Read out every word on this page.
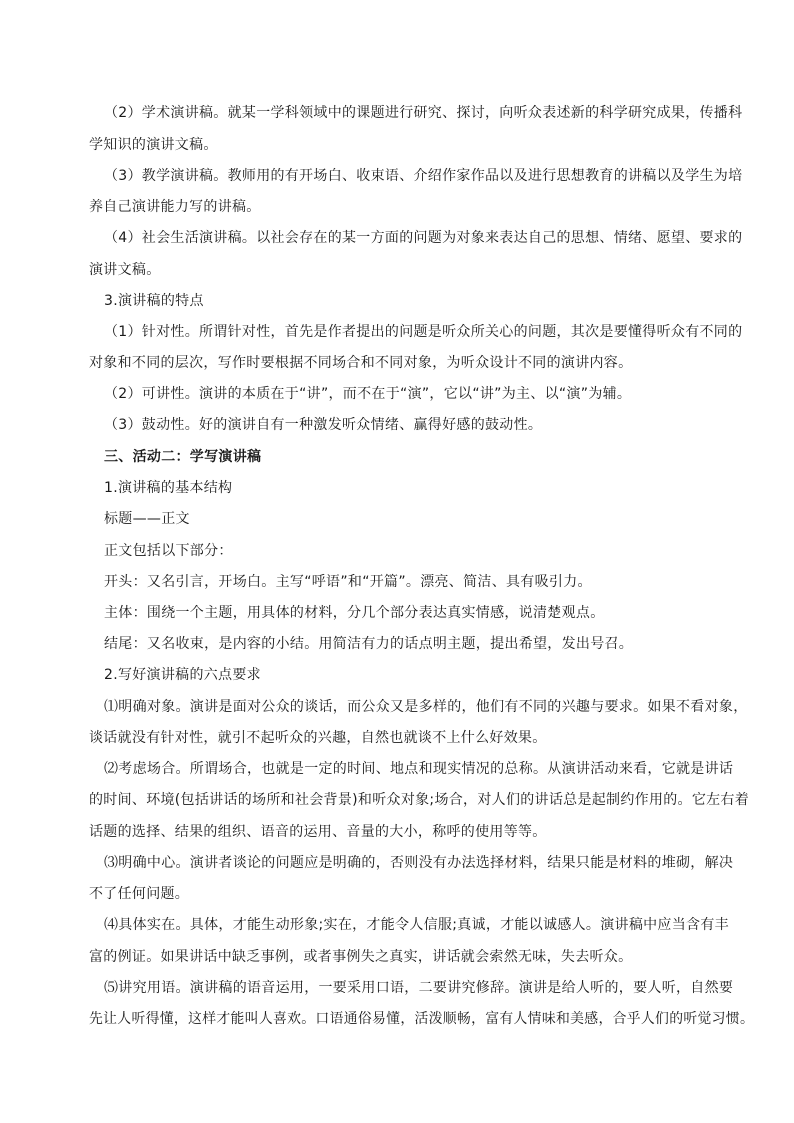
（2）学术演讲稿。就某一学科领域中的课题进行研究、探讨，向听众表述新的科学研究成果，传播科
学知识的演讲文稿。
（3）教学演讲稿。教师用的有开场白、收束语、介绍作家作品以及进行思想教育的讲稿以及学生为培
养自己演讲能力写的讲稿。
（4）社会生活演讲稿。以社会存在的某一方面的问题为对象来表达自己的思想、情绪、愿望、要求的
演讲文稿。
3.演讲稿的特点
（1）针对性。所谓针对性，首先是作者提出的问题是听众所关心的问题，其次是要懂得听众有不同的
对象和不同的层次，写作时要根据不同场合和不同对象，为听众设计不同的演讲内容。
（2）可讲性。演讲的本质在于“讲”，而不在于“演”，它以“讲”为主、以“演”为辅。
（3）鼓动性。好的演讲自有一种激发听众情绪、赢得好感的鼓动性。
三、活动二：学写演讲稿
1.演讲稿的基本结构
标题——正文
正文包括以下部分：
开头：又名引言，开场白。主写“呼语”和“开篇”。漂亮、简洁、具有吸引力。
主体：围绕一个主题，用具体的材料，分几个部分表达真实情感，说清楚观点。
结尾：又名收束，是内容的小结。用简洁有力的话点明主题，提出希望，发出号召。
2.写好演讲稿的六点要求
⑴明确对象。演讲是面对公众的谈话，而公众又是多样的，他们有不同的兴趣与要求。如果不看对象，
谈话就没有针对性，就引不起听众的兴趣，自然也就谈不上什么好效果。
⑵考虑场合。所谓场合，也就是一定的时间、地点和现实情况的总称。从演讲活动来看，它就是讲话
的时间、环境(包括讲话的场所和社会背景)和听众对象;场合，对人们的讲话总是起制约作用的。它左右着
话题的选择、结果的组织、语音的运用、音量的大小，称呼的使用等等。
⑶明确中心。演讲者谈论的问题应是明确的，否则没有办法选择材料，结果只能是材料的堆砌，解决
不了任何问题。
⑷具体实在。具体，才能生动形象;实在，才能令人信服;真诚，才能以诚感人。演讲稿中应当含有丰
富的例证。如果讲话中缺乏事例，或者事例失之真实，讲话就会索然无味，失去听众。
⑸讲究用语。演讲稿的语音运用，一要采用口语，二要讲究修辞。演讲是给人听的，要人听，自然要
先让人听得懂，这样才能叫人喜欢。口语通俗易懂，活泼顺畅，富有人情味和美感，合乎人们的听觉习惯。
